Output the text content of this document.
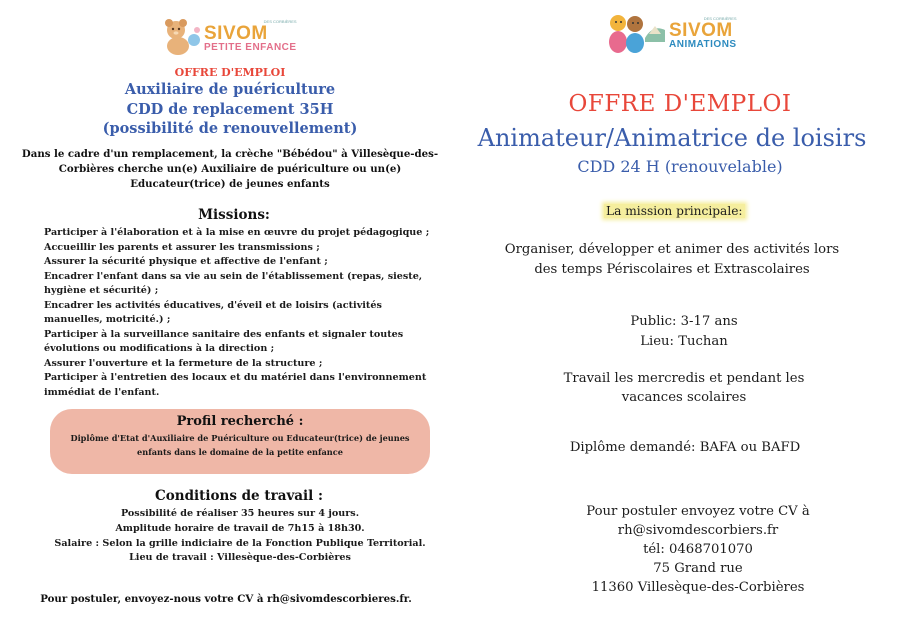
DES CORBIÈRES
SIVOM
PETITE ENFANCE
OFFRE D'EMPLOI
Auxiliaire de puériculture
CDD de replacement 35H (possibilité de renouvellement)
Dans le cadre d'un remplacement, la crèche "Bébédou" à Villesèque-des-Corbières cherche un(e) Auxiliaire de puériculture ou un(e) Educateur(trice) de jeunes enfants
Missions:
Participer à l'élaboration et à la mise en œuvre du projet pédagogique ;
Accueillir les parents et assurer les transmissions ;
Assurer la sécurité physique et affective de l'enfant ;
Encadrer l'enfant dans sa vie au sein de l'établissement (repas, sieste, hygiène et sécurité) ;
Encadrer les activités éducatives, d'éveil et de loisirs (activités manuelles, motricité.) ;
Participer à la surveillance sanitaire des enfants et signaler toutes évolutions ou modifications à la direction ;
Assurer l'ouverture et la fermeture de la structure ;
Participer à l'entretien des locaux et du matériel dans l'environnement immédiat de l'enfant.
Profil recherché :
Diplôme d'Etat d'Auxiliaire de Puériculture ou Educateur(trice) de jeunes enfants dans le domaine de la petite enfance
Conditions de travail :
Possibilité de réaliser 35 heures sur 4 jours.
Amplitude horaire de travail de 7h15 à 18h30.
Salaire : Selon la grille indiciaire de la Fonction Publique Territorial.
Lieu de travail : Villesèque-des-Corbières
Pour postuler, envoyez-nous votre CV à rh@sivomdescorbieres.fr.
DES CORBIÈRES
SIVOM
ANIMATIONS
OFFRE D'EMPLOI
Animateur/Animatrice de loisirs
CDD 24 H (renouvelable)
La mission principale:
Organiser, développer et animer des activités lors des temps Périscolaires et Extrascolaires
Public: 3-17 ans
Lieu: Tuchan
Travail les mercredis et pendant les vacances scolaires
Diplôme demandé: BAFA ou BAFD
Pour postuler envoyez votre CV à
rh@sivomdescorbiers.fr
tél: 0468701070
75 Grand rue
11360 Villesèque-des-Corbières
